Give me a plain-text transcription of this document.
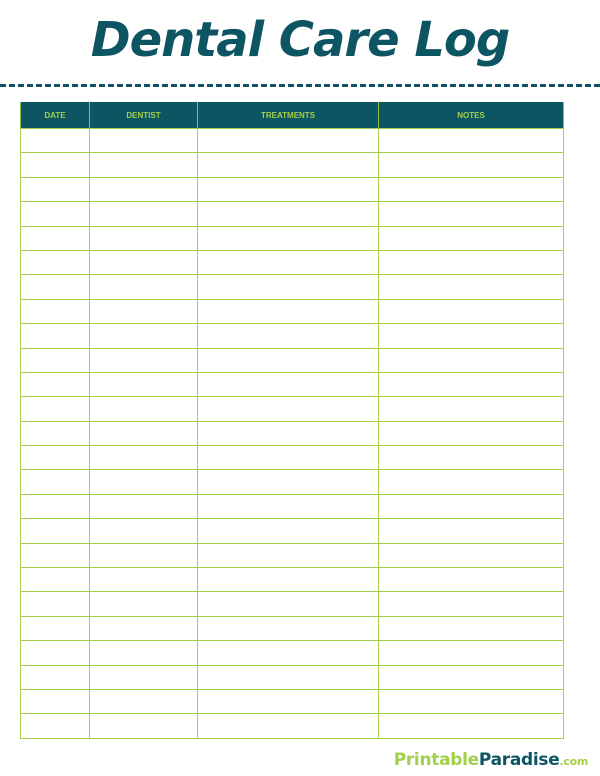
Dental Care Log
DATE	DENTIST	TREATMENTS	NOTES

PrintableParadise.com
